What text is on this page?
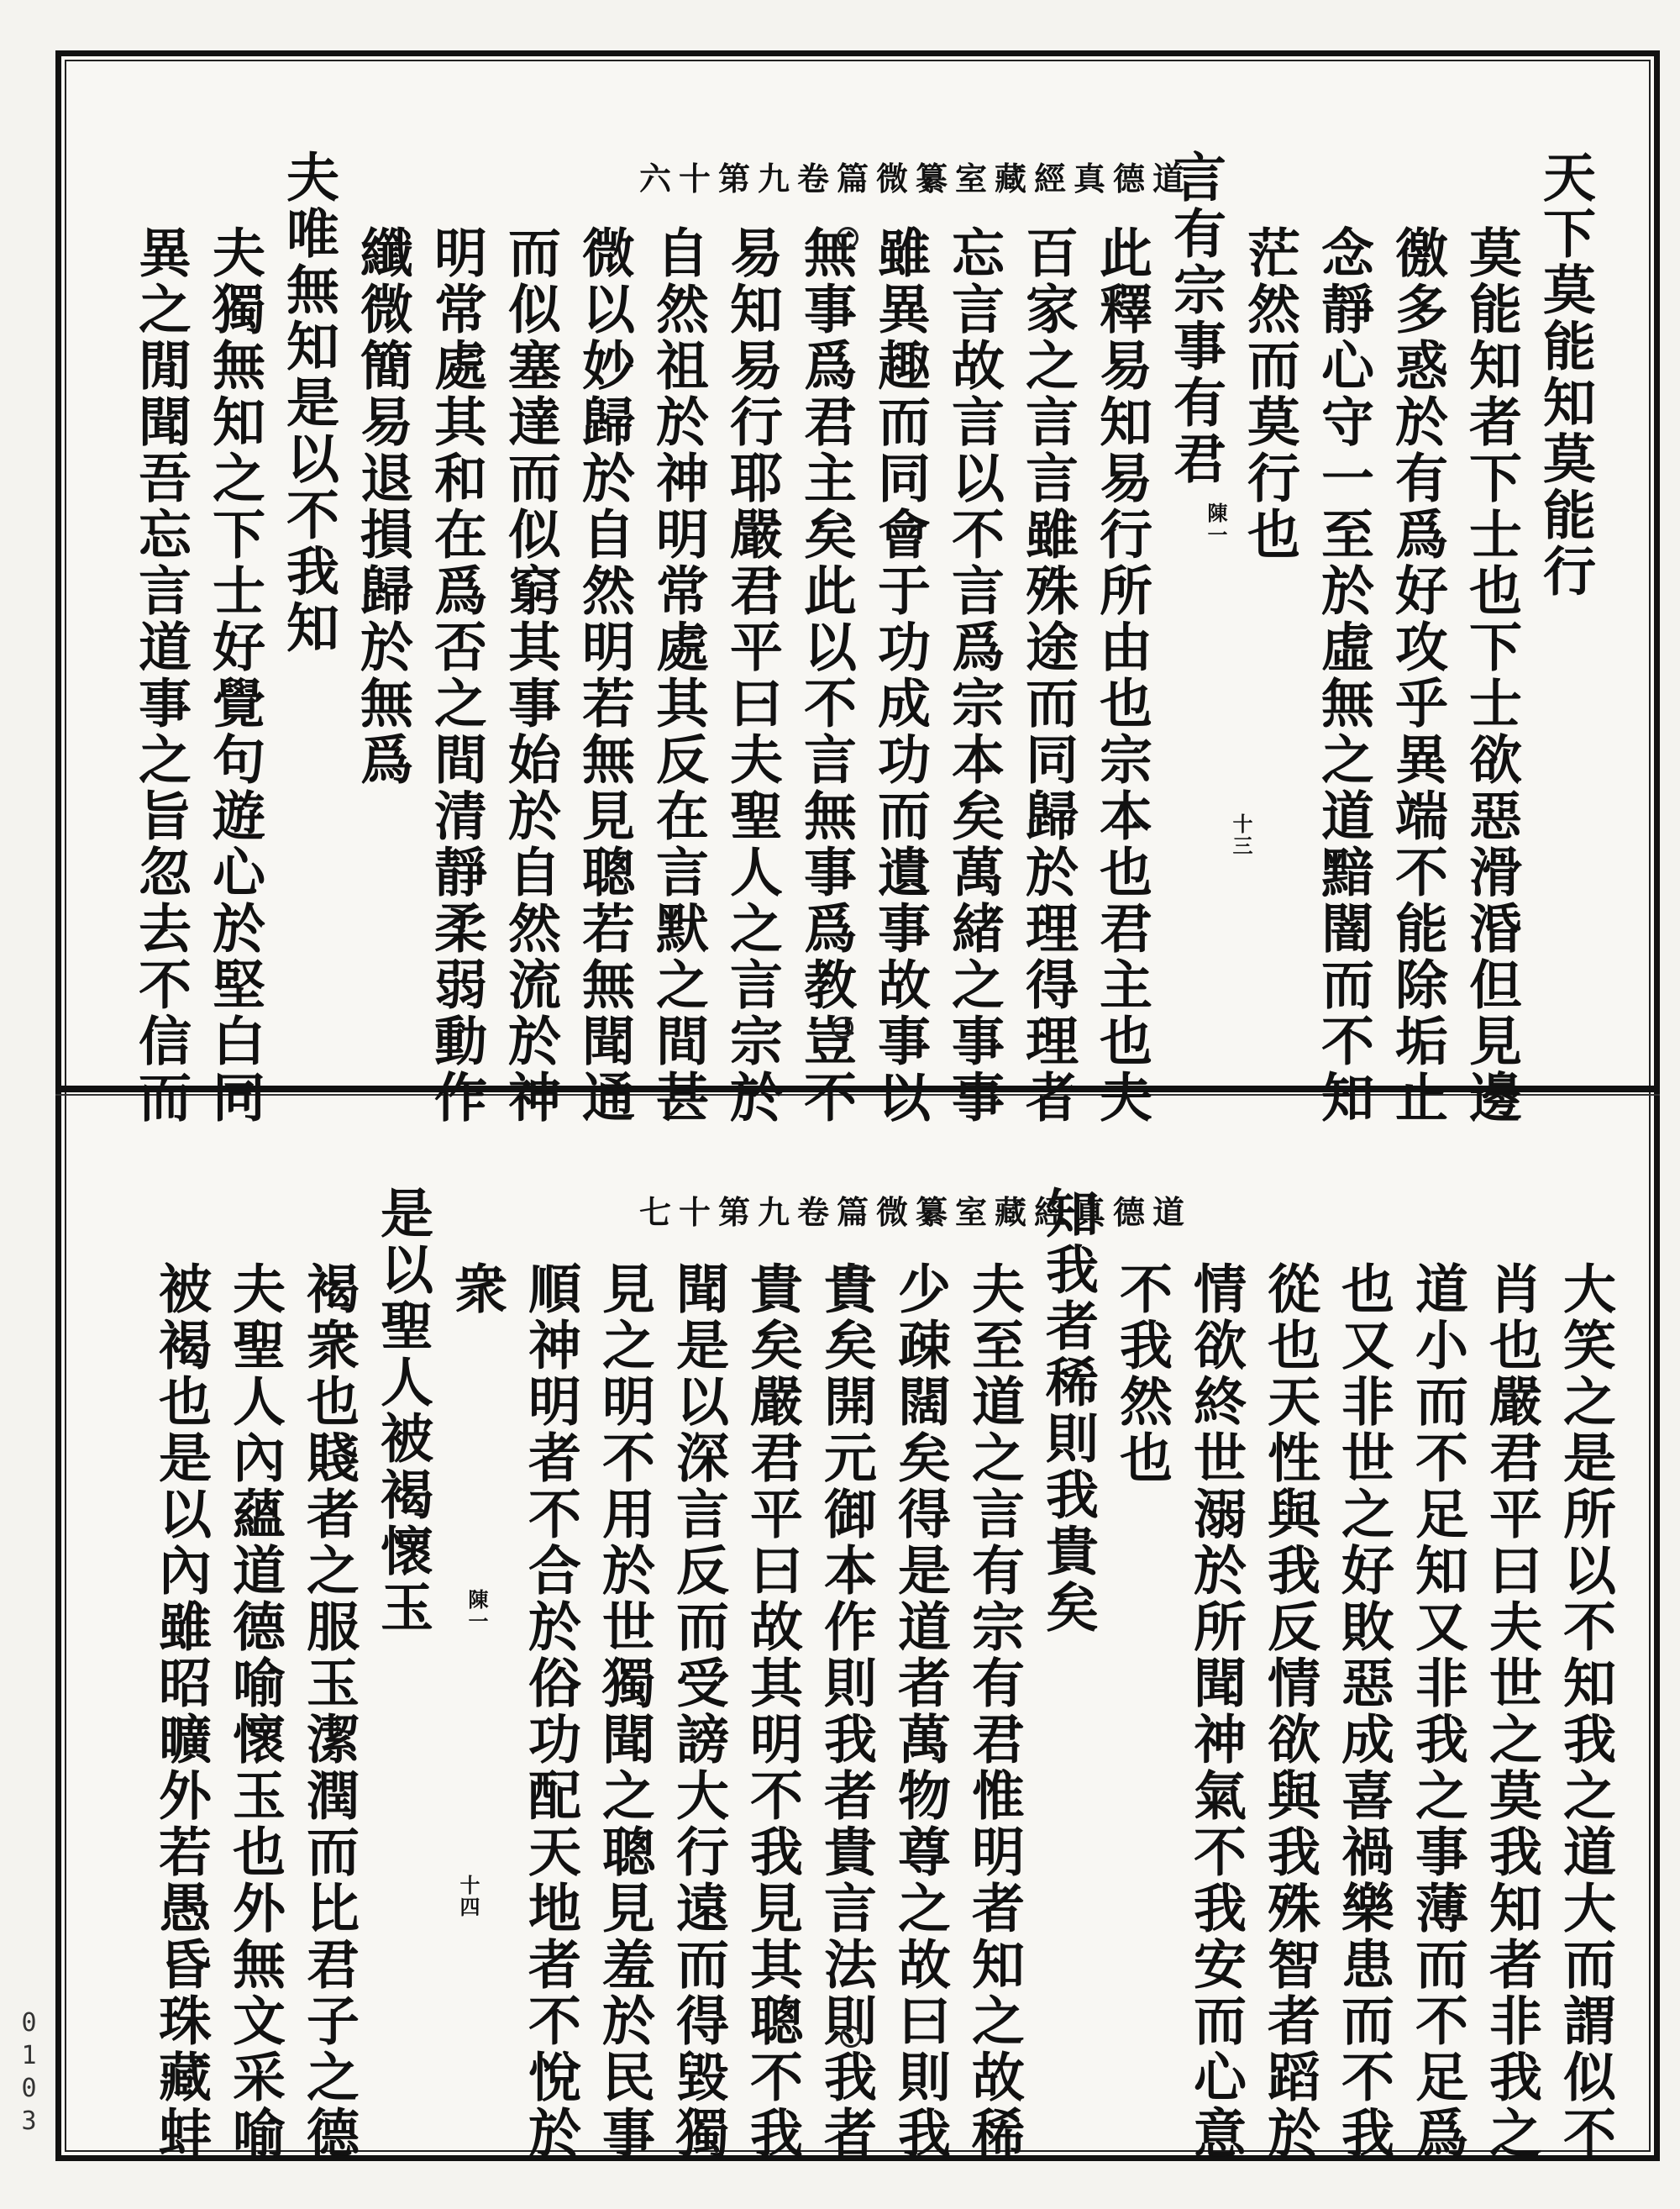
道德真經藏室纂微篇卷九第十六
道德真經藏室纂微篇卷九第十七
天下莫能知莫能行
莫能知者下士也下士欲惡滑涽但見邊
徼多惑於有爲好攻乎異端不能除垢止
念靜心守一至於虛無之道黯闇而不知
茫然而莫行也
言有宗事有君
此釋易知易行所由也宗本也君主也夫
百家之言言雖殊途而同歸於理得理者
忘言故言以不言爲宗本矣萬緒之事事
雖異趣而同會于功成功而遺事故事以
無事爲君主矣此以不言無事爲教豈不
易知易行耶嚴君平曰夫聖人之言宗於
自然祖於神明常處其反在言默之間甚
微以妙歸於自然明若無見聰若無聞通
而似塞達而似窮其事始於自然流於神
明常處其和在爲否之間清靜柔弱動作
纖微簡易退損歸於無爲
夫唯無知是以不我知
夫獨無知之下士好覺句遊心於堅白同
異之閒聞吾忘言道事之旨忽去不信而	陳一
十三
大笑之是所以不知我之道大而謂似不
肖也嚴君平曰夫世之莫我知者非我之
道小而不足知又非我之事薄而不足爲
也又非世之好敗惡成喜禍樂患而不我
從也天性與我反情欲與我殊智者蹈於
情欲終世溺於所聞神氣不我安而心意
不我然也
知我者稀則我貴矣
夫至道之言有宗有君惟明者知之故稀
少疎闊矣得是道者萬物尊之故曰則我
貴矣開元御本作則我者貴言法則我者
貴矣嚴君平曰故其明不我見其聰不我
聞是以深言反而受謗大行遠而得毀獨
見之明不用於世獨聞之聰見羞於民事
順神明者不合於俗功配天地者不悅於
衆
是以聖人被褐懷玉
褐衆也賤者之服玉潔潤而比君子之德
夫聖人內蘊道德喻懷玉也外無文采喻
被褐也是以內雖昭曠外若愚昏珠藏蚌	陳一
十四
0103
